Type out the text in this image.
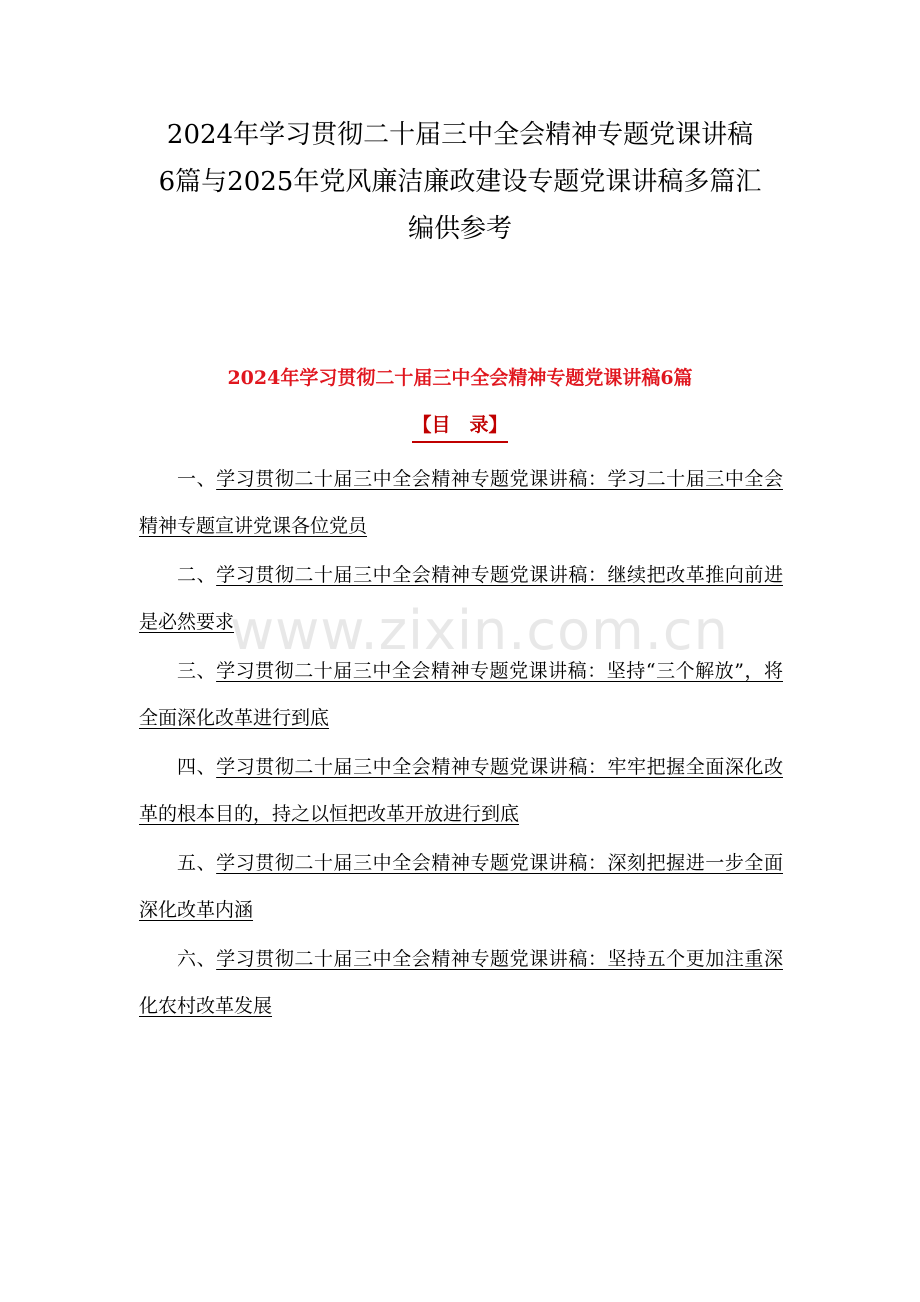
2024年学习贯彻二十届三中全会精神专题党课讲稿
6篇与2025年党风廉洁廉政建设专题党课讲稿多篇汇
编供参考
2024年学习贯彻二十届三中全会精神专题党课讲稿6篇
【目　录】
一、学习贯彻二十届三中全会精神专题党课讲稿：学习二十届三中全会精神专题宣讲党课各位党员
二、学习贯彻二十届三中全会精神专题党课讲稿：继续把改革推向前进是必然要求
三、学习贯彻二十届三中全会精神专题党课讲稿：坚持“三个解放”，将全面深化改革进行到底
四、学习贯彻二十届三中全会精神专题党课讲稿：牢牢把握全面深化改革的根本目的，持之以恒把改革开放进行到底
五、学习贯彻二十届三中全会精神专题党课讲稿：深刻把握进一步全面深化改革内涵
六、学习贯彻二十届三中全会精神专题党课讲稿：坚持五个更加注重深化农村改革发展
www.zixin.com.cn
